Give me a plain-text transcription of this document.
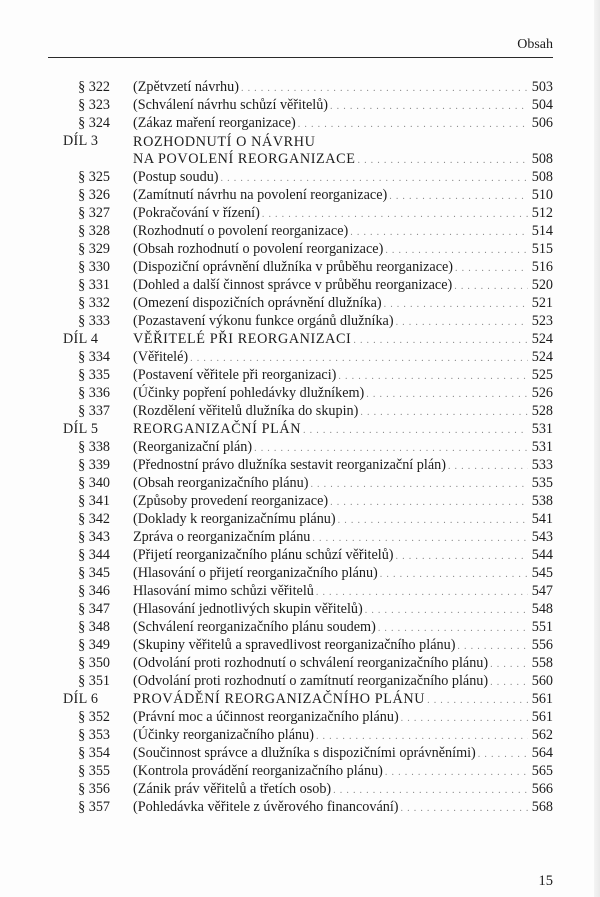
Obsah
§ 322 (Zpětvzetí návrhu) . . .	503
§ 323 (Schválení návrhu schůzí věřitelů) . . .	504
§ 324 (Zákaz maření reorganizace) . . .	506
DÍL 3	ROZHODNUTÍ O NÁVRHU
NA POVOLENÍ REORGANIZACE . . .	508
§ 325 (Postup soudu) . . .	508
§ 326 (Zamítnutí návrhu na povolení reorganizace) . . .	510
§ 327 (Pokračování v řízení) . . .	512
§ 328 (Rozhodnutí o povolení reorganizace) . . .	514
§ 329 (Obsah rozhodnutí o povolení reorganizace) . . .	515
§ 330 (Dispoziční oprávnění dlužníka v průběhu reorganizace) . . .	516
§ 331 (Dohled a další činnost správce v průběhu reorganizace) . . .	520
§ 332 (Omezení dispozičních oprávnění dlužníka) . . .	521
§ 333 (Pozastavení výkonu funkce orgánů dlužníka) . . .	523
DÍL 4	VĚŘITELÉ PŘI REORGANIZACI . . .	524
§ 334 (Věřitelé) . . .	524
§ 335 (Postavení věřitele při reorganizaci) . . .	525
§ 336 (Účinky popření pohledávky dlužníkem) . . .	526
§ 337 (Rozdělení věřitelů dlužníka do skupin) . . .	528
DÍL 5	REORGANIZAČNÍ PLÁN . . .	531
§ 338 (Reorganizační plán) . . .	531
§ 339 (Přednostní právo dlužníka sestavit reorganizační plán) . . .	533
§ 340 (Obsah reorganizačního plánu) . . .	535
§ 341 (Způsoby provedení reorganizace) . . .	538
§ 342 (Doklady k reorganizačnímu plánu) . . .	541
§ 343 Zpráva o reorganizačním plánu . . .	543
§ 344 (Přijetí reorganizačního plánu schůzí věřitelů) . . .	544
§ 345 (Hlasování o přijetí reorganizačního plánu) . . .	545
§ 346 Hlasování mimo schůzi věřitelů . . .	547
§ 347 (Hlasování jednotlivých skupin věřitelů) . . .	548
§ 348 (Schválení reorganizačního plánu soudem) . . .	551
§ 349 (Skupiny věřitelů a spravedlivost reorganizačního plánu) . . .	556
§ 350 (Odvolání proti rozhodnutí o schválení reorganizačního plánu) . . .	558
§ 351 (Odvolání proti rozhodnutí o zamítnutí reorganizačního plánu) . . .	560
DÍL 6	PROVÁDĚNÍ REORGANIZAČNÍHO PLÁNU . . .	561
§ 352 (Právní moc a účinnost reorganizačního plánu) . . .	561
§ 353 (Účinky reorganizačního plánu) . . .	562
§ 354 (Součinnost správce a dlužníka s dispozičními oprávněními) . . .	564
§ 355 (Kontrola provádění reorganizačního plánu) . . .	565
§ 356 (Zánik práv věřitelů a třetích osob) . . .	566
§ 357 (Pohledávka věřitele z úvěrového financování) . . .	568
15
